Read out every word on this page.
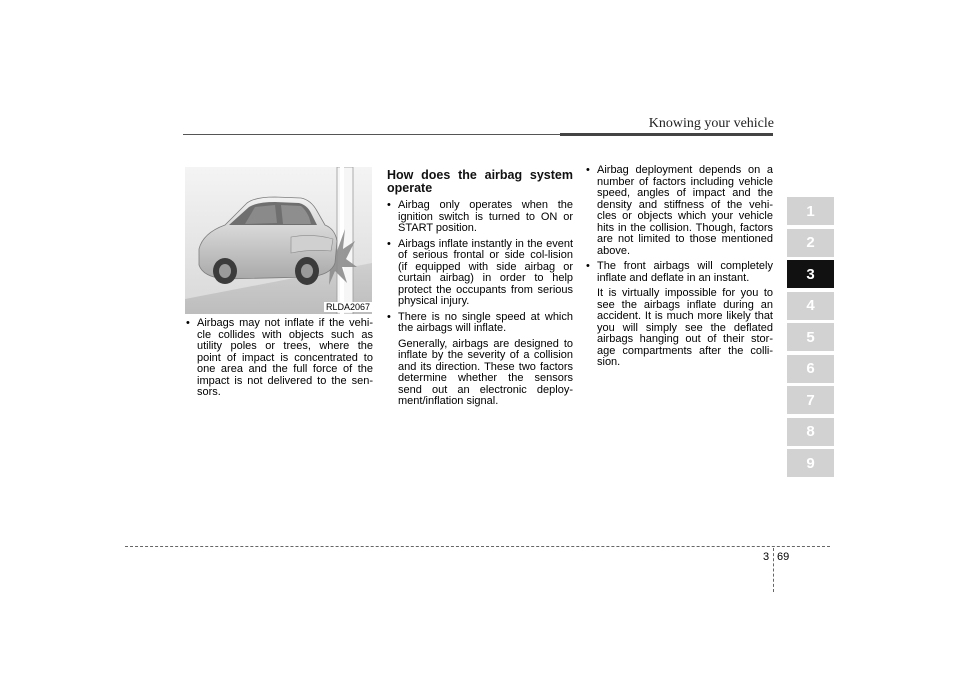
Knowing your vehicle
RLDA2067
• Airbags may not inflate if the vehi-cle collides with objects such as utility poles or trees, where the point of impact is concentrated to one area and the full force of the impact is not delivered to the sen-sors.
How does the airbag system operate
• Airbag only operates when the ignition switch is turned to ON or START position.
• Airbags inflate instantly in the event of serious frontal or side col-lision (if equipped with side airbag or curtain airbag) in order to help protect the occupants from serious physical injury.
• There is no single speed at which the airbags will inflate.
Generally, airbags are designed to inflate by the severity of a collision and its direction. These two factors determine whether the sensors send out an electronic deploy-ment/inflation signal.
• Airbag deployment depends on a number of factors including vehicle speed, angles of impact and the density and stiffness of the vehi-cles or objects which your vehicle hits in the collision. Though, factors are not limited to those mentioned above.
• The front airbags will completely inflate and deflate in an instant.
It is virtually impossible for you to see the airbags inflate during an accident. It is much more likely that you will simply see the deflated airbags hanging out of their stor-age compartments after the colli-sion.
1
2
3
4
5
6
7
8
9
3 69
